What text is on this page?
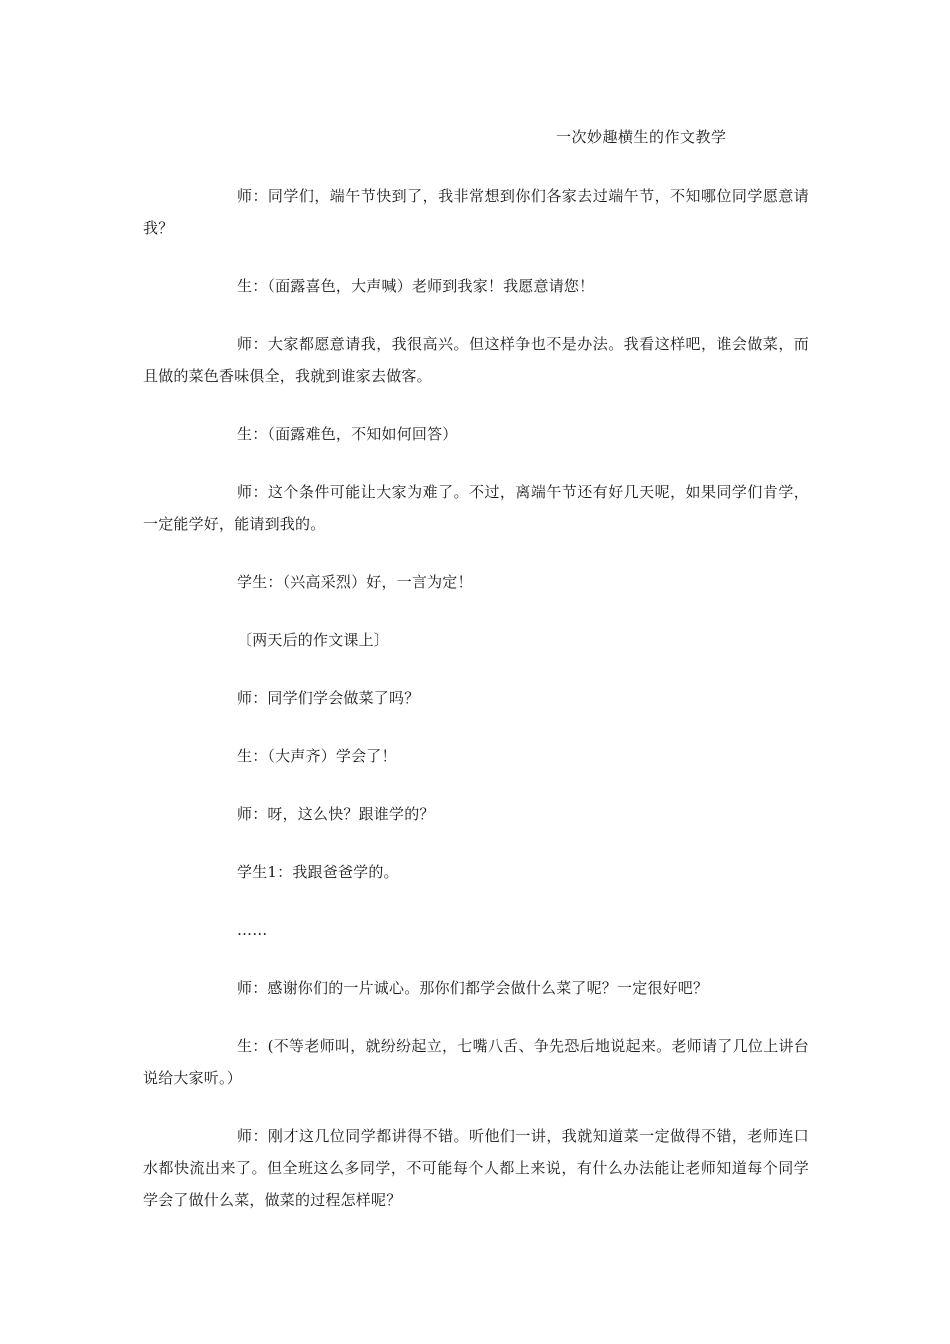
一次妙趣横生的作文教学

师：同学们，端午节快到了，我非常想到你们各家去过端午节，不知哪位同学愿意请我？

生：（面露喜色，大声喊）老师到我家！我愿意请您！

师：大家都愿意请我，我很高兴。但这样争也不是办法。我看这样吧，谁会做菜，而且做的菜色香味俱全，我就到谁家去做客。

生：（面露难色，不知如何回答）

师：这个条件可能让大家为难了。不过，离端午节还有好几天呢，如果同学们肯学，一定能学好，能请到我的。

学生：（兴高采烈）好，一言为定！

〔两天后的作文课上〕

师：同学们学会做菜了吗？

生：（大声齐）学会了！

师：呀，这么快？跟谁学的？

学生1：我跟爸爸学的。

……

师：感谢你们的一片诚心。那你们都学会做什么菜了呢？一定很好吧？

生：(不等老师叫，就纷纷起立，七嘴八舌、争先恐后地说起来。老师请了几位上讲台说给大家听。）

师：刚才这几位同学都讲得不错。听他们一讲，我就知道菜一定做得不错，老师连口水都快流出来了。但全班这么多同学，不可能每个人都上来说，有什么办法能让老师知道每个同学学会了做什么菜，做菜的过程怎样呢？
